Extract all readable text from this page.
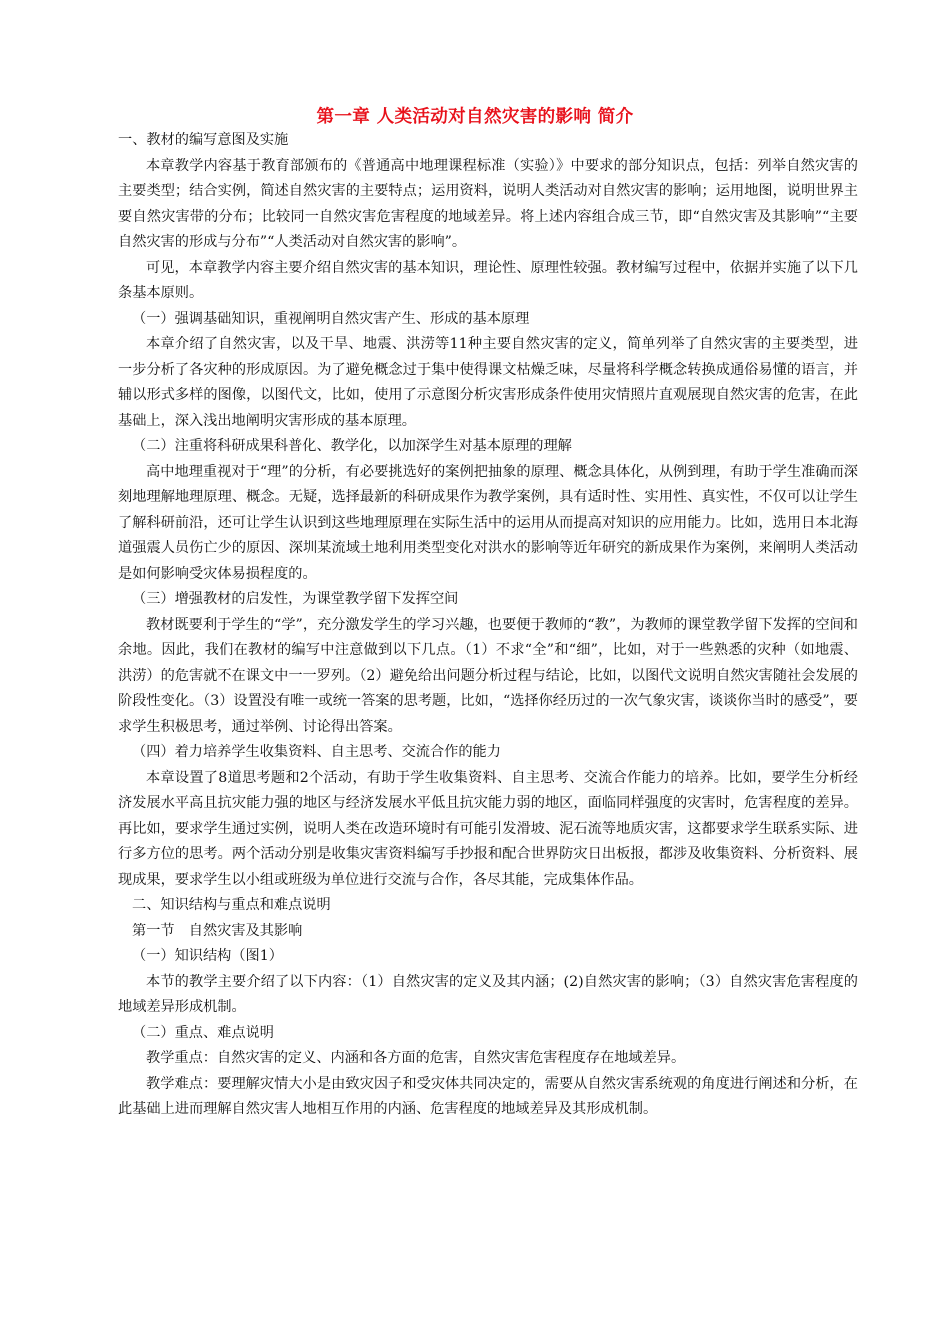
第一章 人类活动对自然灾害的影响 简介

一、教材的编写意图及实施

本章教学内容基于教育部颁布的《普通高中地理课程标准（实验）》中要求的部分知识点，包括：列举自然灾害的主要类型；结合实例，简述自然灾害的主要特点；运用资料，说明人类活动对自然灾害的影响；运用地图，说明世界主要自然灾害带的分布；比较同一自然灾害危害程度的地域差异。将上述内容组合成三节，即“自然灾害及其影响”“主要自然灾害的形成与分布”“人类活动对自然灾害的影响”。

可见，本章教学内容主要介绍自然灾害的基本知识，理论性、原理性较强。教材编写过程中，依据并实施了以下几条基本原则。

（一）强调基础知识，重视阐明自然灾害产生、形成的基本原理

本章介绍了自然灾害，以及干旱、地震、洪涝等11种主要自然灾害的定义，简单列举了自然灾害的主要类型，进一步分析了各灾种的形成原因。为了避免概念过于集中使得课文枯燥乏味，尽量将科学概念转换成通俗易懂的语言，并辅以形式多样的图像，以图代文，比如，使用了示意图分析灾害形成条件使用灾情照片直观展现自然灾害的危害，在此基础上，深入浅出地阐明灾害形成的基本原理。

（二）注重将科研成果科普化、教学化，以加深学生对基本原理的理解

高中地理重视对于“理”的分析，有必要挑选好的案例把抽象的原理、概念具体化，从例到理，有助于学生准确而深刻地理解地理原理、概念。无疑，选择最新的科研成果作为教学案例，具有适时性、实用性、真实性，不仅可以让学生了解科研前沿，还可让学生认识到这些地理原理在实际生活中的运用从而提高对知识的应用能力。比如，选用日本北海道强震人员伤亡少的原因、深圳某流域土地利用类型变化对洪水的影响等近年研究的新成果作为案例，来阐明人类活动是如何影响受灾体易损程度的。

（三）增强教材的启发性，为课堂教学留下发挥空间

教材既要利于学生的“学”，充分激发学生的学习兴趣，也要便于教师的“教”，为教师的课堂教学留下发挥的空间和余地。因此，我们在教材的编写中注意做到以下几点。（1）不求“全”和“细”，比如，对于一些熟悉的灾种（如地震、洪涝）的危害就不在课文中一一罗列。（2）避免给出问题分析过程与结论，比如，以图代文说明自然灾害随社会发展的阶段性变化。（3）设置没有唯一或统一答案的思考题，比如，“选择你经历过的一次气象灾害，谈谈你当时的感受”，要求学生积极思考，通过举例、讨论得出答案。

（四）着力培养学生收集资料、自主思考、交流合作的能力

本章设置了8道思考题和2个活动，有助于学生收集资料、自主思考、交流合作能力的培养。比如，要学生分析经济发展水平高且抗灾能力强的地区与经济发展水平低且抗灾能力弱的地区，面临同样强度的灾害时，危害程度的差异。再比如，要求学生通过实例，说明人类在改造环境时有可能引发滑坡、泥石流等地质灾害，这都要求学生联系实际、进行多方位的思考。两个活动分别是收集灾害资料编写手抄报和配合世界防灾日出板报，都涉及收集资料、分析资料、展现成果，要求学生以小组或班级为单位进行交流与合作，各尽其能，完成集体作品。

二、知识结构与重点和难点说明

第一节　自然灾害及其影响

（一）知识结构（图1）

本节的教学主要介绍了以下内容：（1）自然灾害的定义及其内涵；(2)自然灾害的影响；（3）自然灾害危害程度的地域差异形成机制。

（二）重点、难点说明

教学重点：自然灾害的定义、内涵和各方面的危害，自然灾害危害程度存在地域差异。

教学难点：要理解灾情大小是由致灾因子和受灾体共同决定的，需要从自然灾害系统观的角度进行阐述和分析，在此基础上进而理解自然灾害人地相互作用的内涵、危害程度的地域差异及其形成机制。
